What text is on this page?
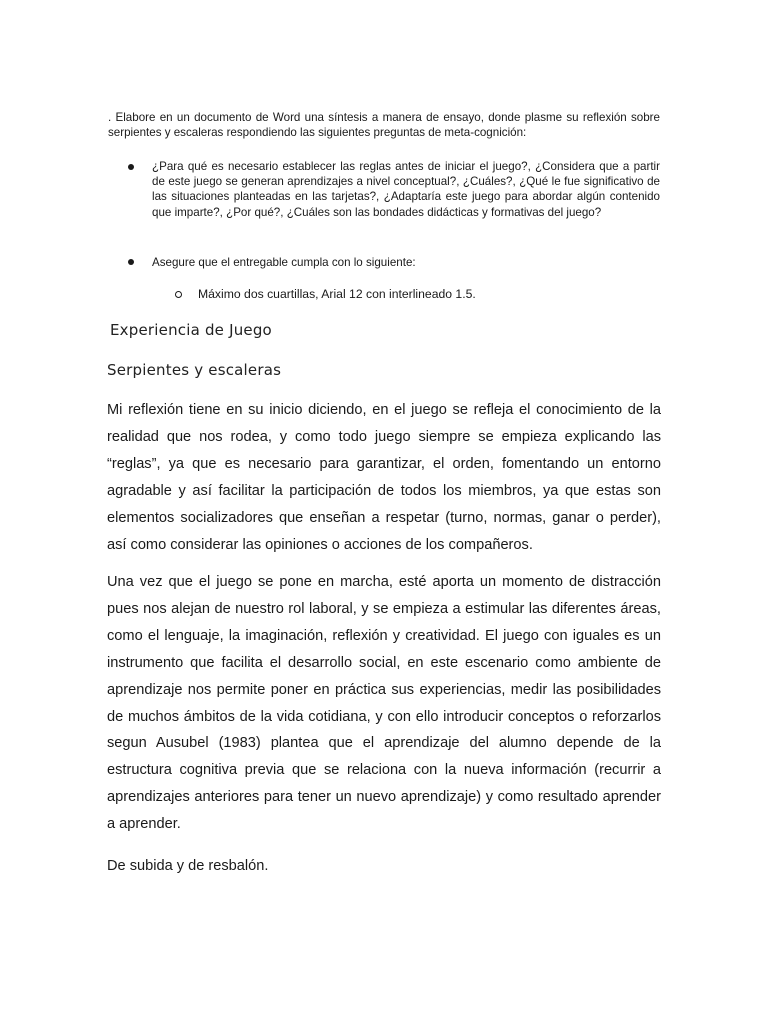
. Elabore en un documento de Word una síntesis a manera de ensayo, donde plasme su reflexión sobre serpientes y escaleras respondiendo las siguientes preguntas de meta-cognición:

¿Para qué es necesario establecer las reglas antes de iniciar el juego?, ¿Considera que a partir de este juego se generan aprendizajes a nivel conceptual?, ¿Cuáles?, ¿Qué le fue significativo de las situaciones planteadas en las tarjetas?, ¿Adaptaría este juego para abordar algún contenido que imparte?, ¿Por qué?, ¿Cuáles son las bondades didácticas y formativas del juego?

Asegure que el entregable cumpla con lo siguiente:

Máximo dos cuartillas, Arial 12 con interlineado 1.5.

Experiencia de Juego

Serpientes y escaleras

Mi reflexión tiene en su inicio diciendo, en el juego se refleja el conocimiento de la realidad que nos rodea, y como todo juego siempre se empieza explicando las “reglas”, ya que es necesario para garantizar, el orden, fomentando un entorno agradable y así facilitar la participación de todos los miembros, ya que estas son elementos socializadores que enseñan a respetar (turno, normas, ganar o perder), así como considerar las opiniones o acciones de los compañeros.

Una vez que el juego se pone en marcha, esté aporta un momento de distracción pues nos alejan de nuestro rol laboral, y se empieza a estimular las diferentes áreas, como el lenguaje, la imaginación, reflexión y creatividad. El juego con iguales es un instrumento que facilita el desarrollo social, en este escenario como ambiente de aprendizaje nos permite poner en práctica sus experiencias, medir las posibilidades de muchos ámbitos de la vida cotidiana, y con ello introducir conceptos o reforzarlos segun Ausubel (1983) plantea que el aprendizaje del alumno depende de la estructura cognitiva previa que se relaciona con la nueva información (recurrir a aprendizajes anteriores para tener un nuevo aprendizaje) y como resultado aprender a aprender.

De subida y de resbalón.
